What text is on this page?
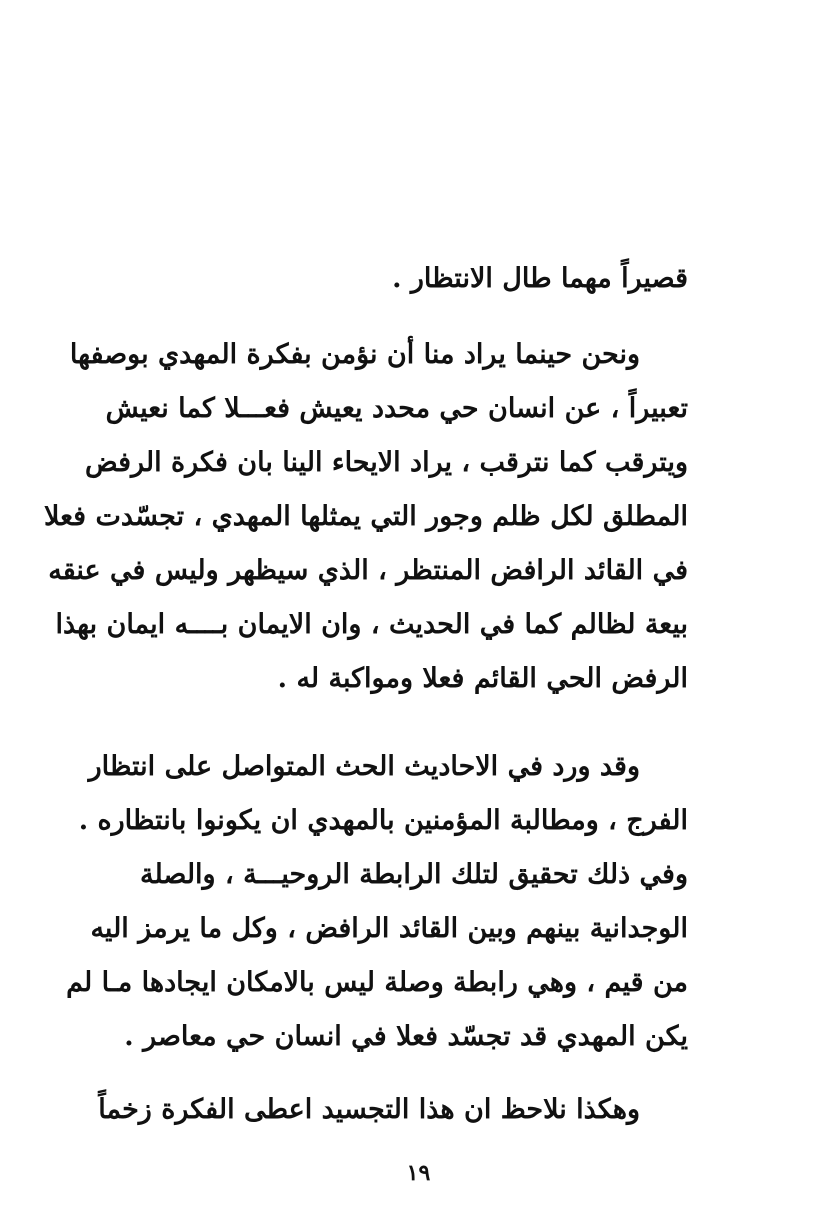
قصيراً مهما طال الانتظار .
ونحن حينما يراد منا أن نؤمن بفكرة المهدي بوصفها
تعبيراً ، عن انسان حي محدد يعيش فعـــلا كما نعيش
ويترقب كما نترقب ، يراد الايحاء الينا بان فكرة الرفض
المطلق لكل ظلم وجور التي يمثلها المهدي ، تجسّدت فعلا
في القائد الرافض المنتظر ، الذي سيظهر وليس في عنقه
بيعة لظالم كما في الحديث ، وان الايمان بــــه ايمان بهذا
الرفض الحي القائم فعلا ومواكبة له .
وقد ورد في الاحاديث الحث المتواصل على انتظار
الفرج ، ومطالبة المؤمنين بالمهدي ان يكونوا بانتظاره .
وفي ذلك تحقيق لتلك الرابطة الروحيـــة ، والصلة
الوجدانية بينهم وبين القائد الرافض ، وكل ما يرمز اليه
من قيم ، وهي رابطة وصلة ليس بالامكان ايجادها مـا لم
يكن المهدي قد تجسّد فعلا في انسان حي معاصر .
وهكذا نلاحظ ان هذا التجسيد اعطى الفكرة زخماً
١٩
